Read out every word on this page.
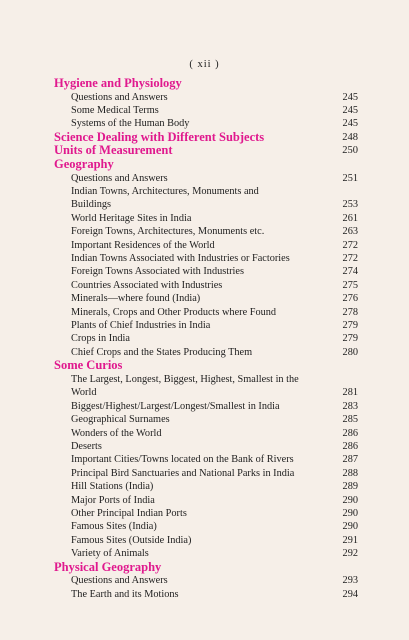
( xii )
Hygiene and Physiology
Questions and Answers	245
Some Medical Terms	245
Systems of the Human Body	245
Science Dealing with Different Subjects	248
Units of Measurement	250
Geography
Questions and Answers	251
Indian Towns, Architectures, Monuments and Buildings	253
World Heritage Sites in India	261
Foreign Towns, Architectures, Monuments etc.	263
Important Residences of the World	272
Indian Towns Associated with Industries or Factories	272
Foreign Towns Associated with Industries	274
Countries Associated with Industries	275
Minerals—where found (India)	276
Minerals, Crops and Other Products where Found	278
Plants of Chief Industries in India	279
Crops in India	279
Chief Crops and the States Producing Them	280
Some Curios
The Largest, Longest, Biggest, Highest, Smallest in the World	281
Biggest/Highest/Largest/Longest/Smallest in India	283
Geographical Surnames	285
Wonders of the World	286
Deserts	286
Important Cities/Towns located on the Bank of Rivers	287
Principal Bird Sanctuaries and National Parks in India	288
Hill Stations (India)	289
Major Ports of India	290
Other Principal Indian Ports	290
Famous Sites (India)	290
Famous Sites (Outside India)	291
Variety of Animals	292
Physical Geography
Questions and Answers	293
The Earth and its Motions	294
